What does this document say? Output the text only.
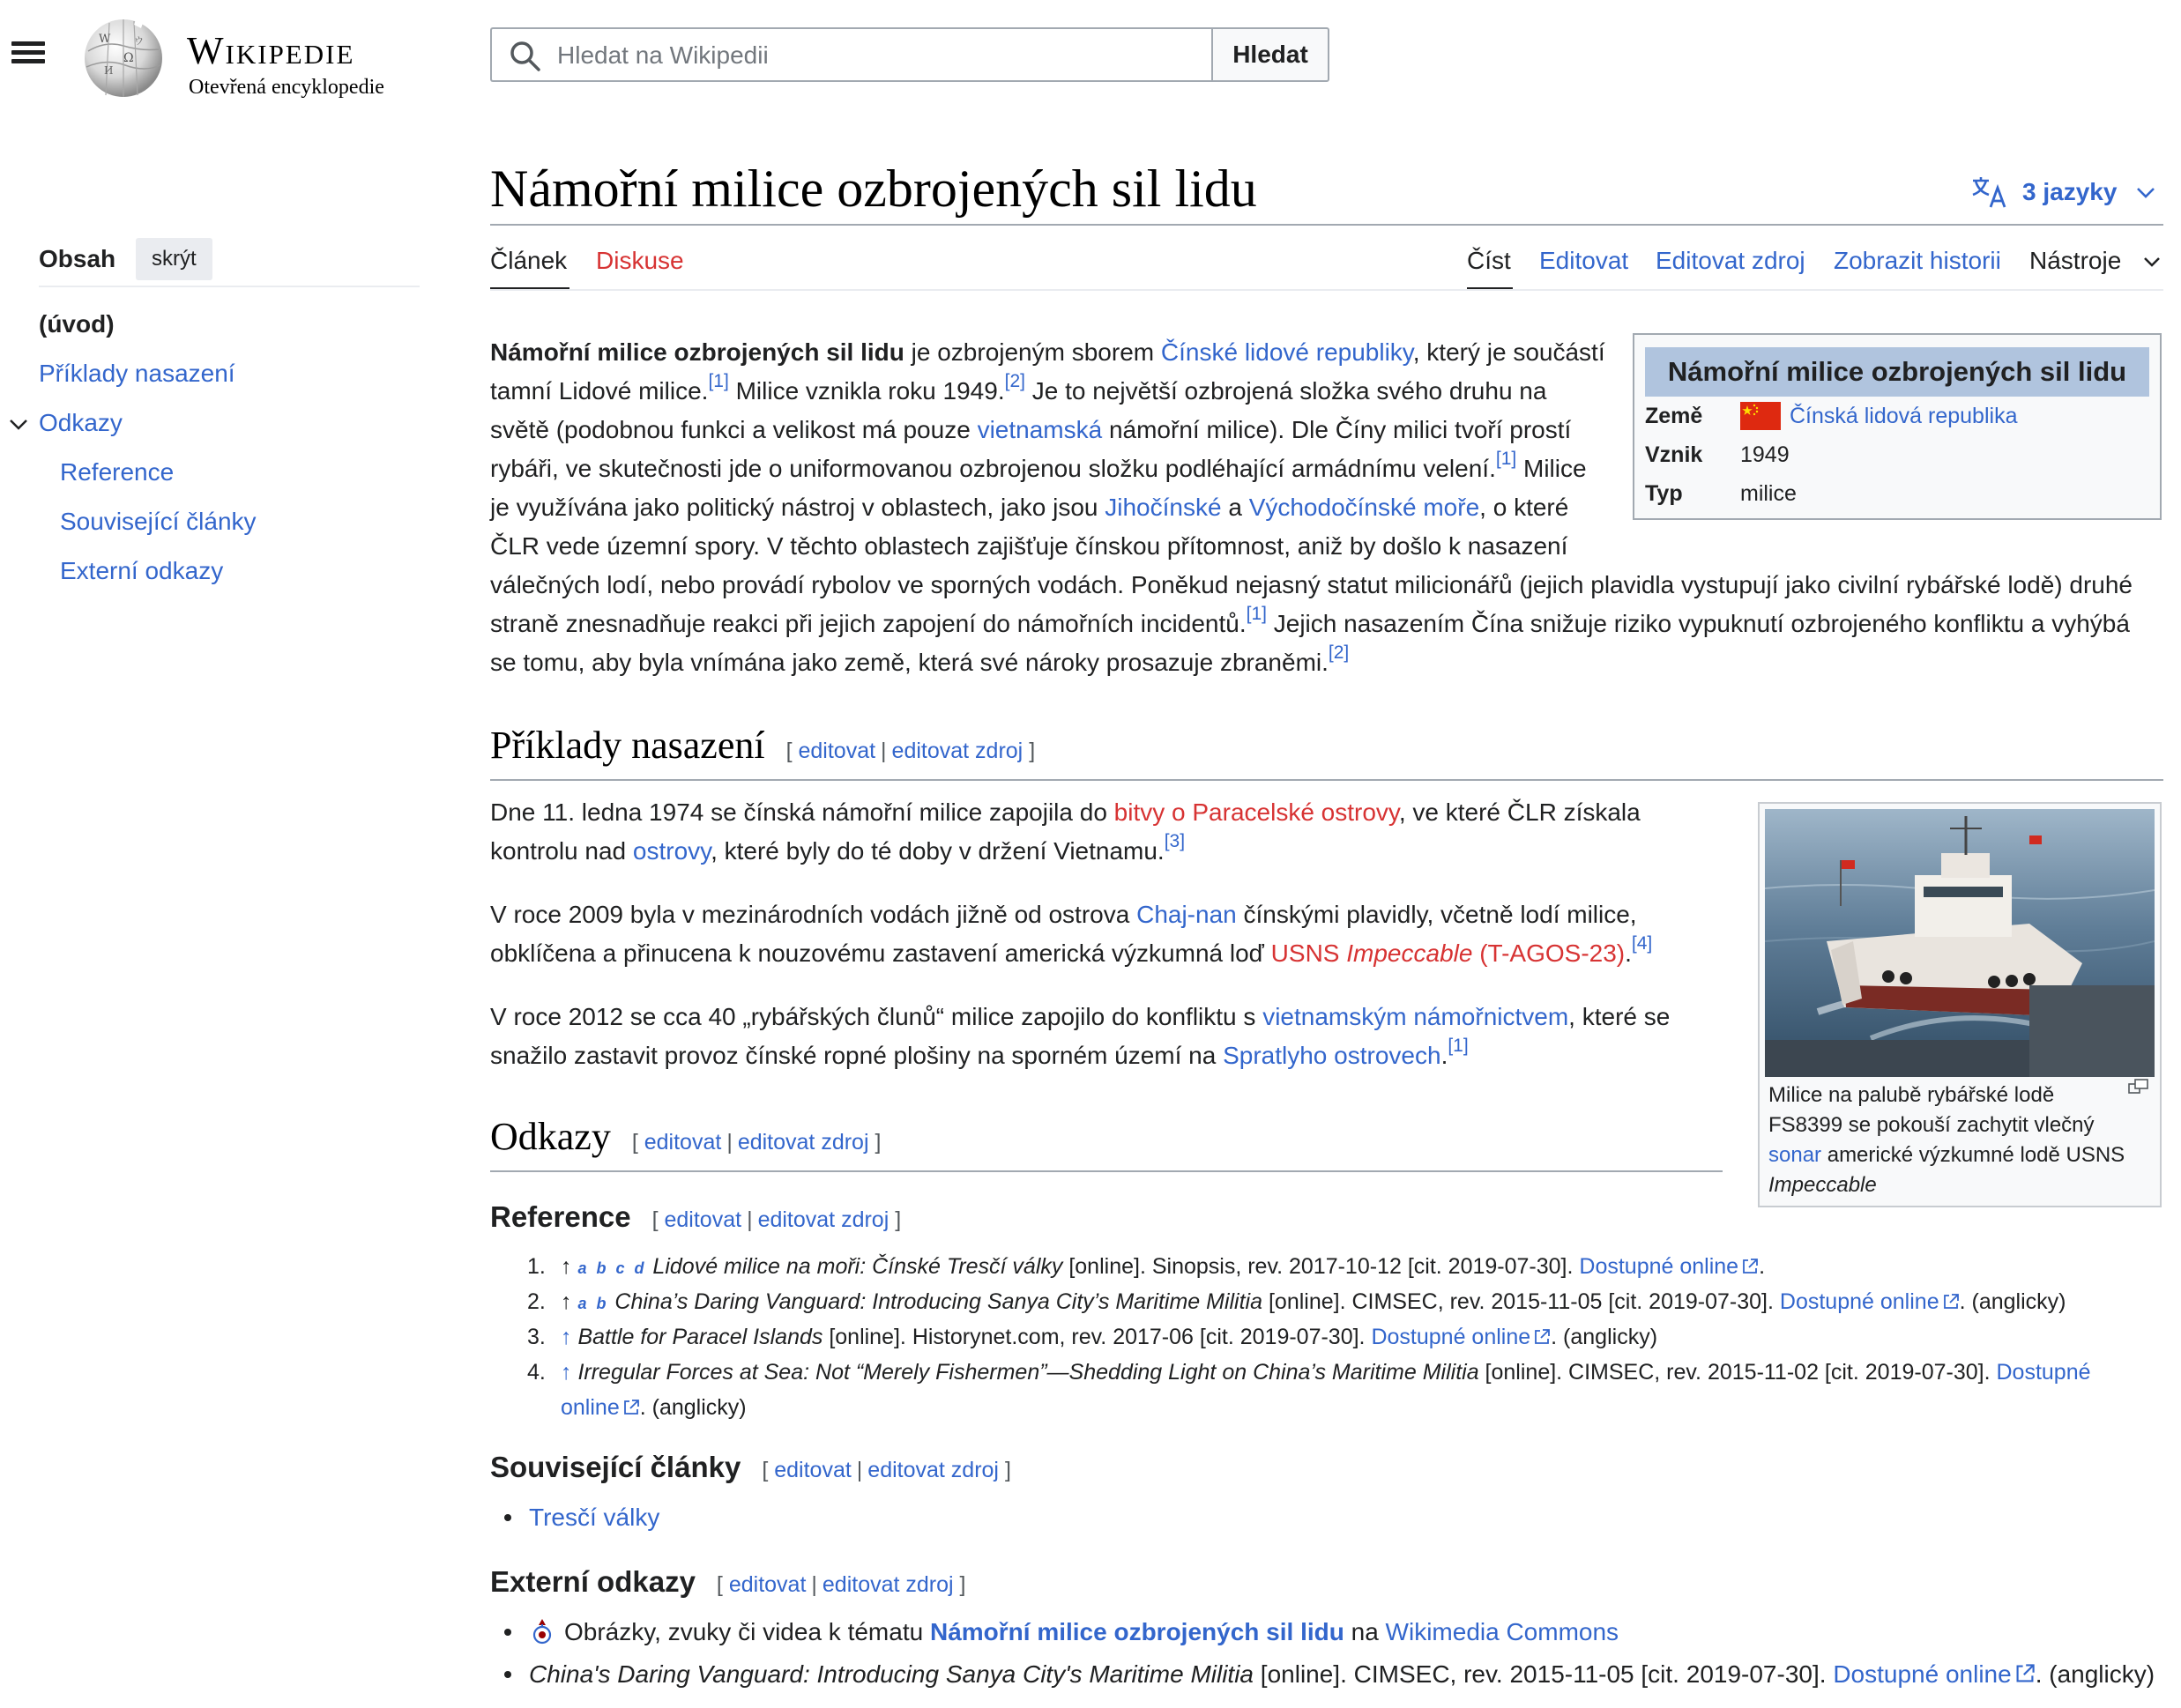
W
Ω
И
ウ Wikipedie
Otevřená encyklopedie
Hledat na Wikipedii
Hledat
Obsah	skrýt
(úvod)
Příklady nasazení
Odkazy
Reference
Související články
Externí odkazy
Námořní milice ozbrojených sil lidu	3 jazyky
Článek Diskuse	Číst Editovat Editovat zdroj Zobrazit historii Nástroje
Námořní milice ozbrojených sil lidu
Země	Čínská lidová republika
Vznik 1949
Typ	milice
Námořní milice ozbrojených sil lidu je ozbrojeným sborem Čínské lidové republiky, který je součástí
tamní Lidové milice.[1] Milice vznikla roku 1949.[2] Je to největší ozbrojená složka svého druhu na
světě (podobnou funkci a velikost má pouze vietnamská námořní milice). Dle Číny milici tvoří prostí
rybáři, ve skutečnosti jde o uniformovanou ozbrojenou složku podléhající armádnímu velení.[1] Milice
je využívána jako politický nástroj v oblastech, jako jsou Jihočínské a Východočínské moře, o které
ČLR vede územní spory. V těchto oblastech zajišťuje čínskou přítomnost, aniž by došlo k nasazení
válečných lodí, nebo provádí rybolov ve sporných vodách. Poněkud nejasný statut milicionářů (jejich plavidla vystupují jako civilní rybářské lodě) druhé
straně znesnadňuje reakci při jejich zapojení do námořních incidentů.[1] Jejich nasazením Čína snižuje riziko vypuknutí ozbrojeného konfliktu a vyhýbá
se tomu, aby byla vnímána jako země, která své nároky prosazuje zbraněmi.[2]
Příklady nasazení [ editovat | editovat zdroj ]
Dne 11. ledna 1974 se čínská námořní milice zapojila do bitvy o Paracelské ostrovy, ve které ČLR získala
kontrolu nad ostrovy, které byly do té doby v držení Vietnamu.[3]
V roce 2009 byla v mezinárodních vodách jižně od ostrova Chaj-nan čínskými plavidly, včetně lodí milice,
obklíčena a přinucena k nouzovému zastavení americká výzkumná loď USNS Impeccable (T-AGOS-23).[4]
V roce 2012 se cca 40 „rybářských člunů“ milice zapojilo do konfliktu s vietnamským námořnictvem, které se
snažilo zastavit provoz čínské ropné plošiny na sporném území na Spratlyho ostrovech.[1]
Milice na palubě rybářské lodě
FS8399 se pokouší zachytit vlečný
sonar americké výzkumné lodě USNS
Impeccable
Odkazy [ editovat | editovat zdroj ]
Reference [ editovat | editovat zdroj ]
1. ↑ a b c d Lidové milice na moři: Čínské Tresčí války [online]. Sinopsis, rev. 2017-10-12 [cit. 2019-07-30]. Dostupné online .
2. ↑ a b China’s Daring Vanguard: Introducing Sanya City’s Maritime Militia [online]. CIMSEC, rev. 2015-11-05 [cit. 2019-07-30]. Dostupné online . (anglicky)
3. ↑ Battle for Paracel Islands [online]. Historynet.com, rev. 2017-06 [cit. 2019-07-30]. Dostupné online . (anglicky)
4. ↑ Irregular Forces at Sea: Not “Merely Fishermen”—Shedding Light on China’s Maritime Militia [online]. CIMSEC, rev. 2015-11-02 [cit. 2019-07-30]. Dostupné
online . (anglicky)
Související články [ editovat | editovat zdroj ]
Tresčí války
Externí odkazy [ editovat | editovat zdroj ]
Obrázky, zvuky či videa k tématu Námořní milice ozbrojených sil lidu na Wikimedia Commons
China's Daring Vanguard: Introducing Sanya City's Maritime Militia [online]. CIMSEC, rev. 2015-11-05 [cit. 2019-07-30]. Dostupné online . (anglicky)
